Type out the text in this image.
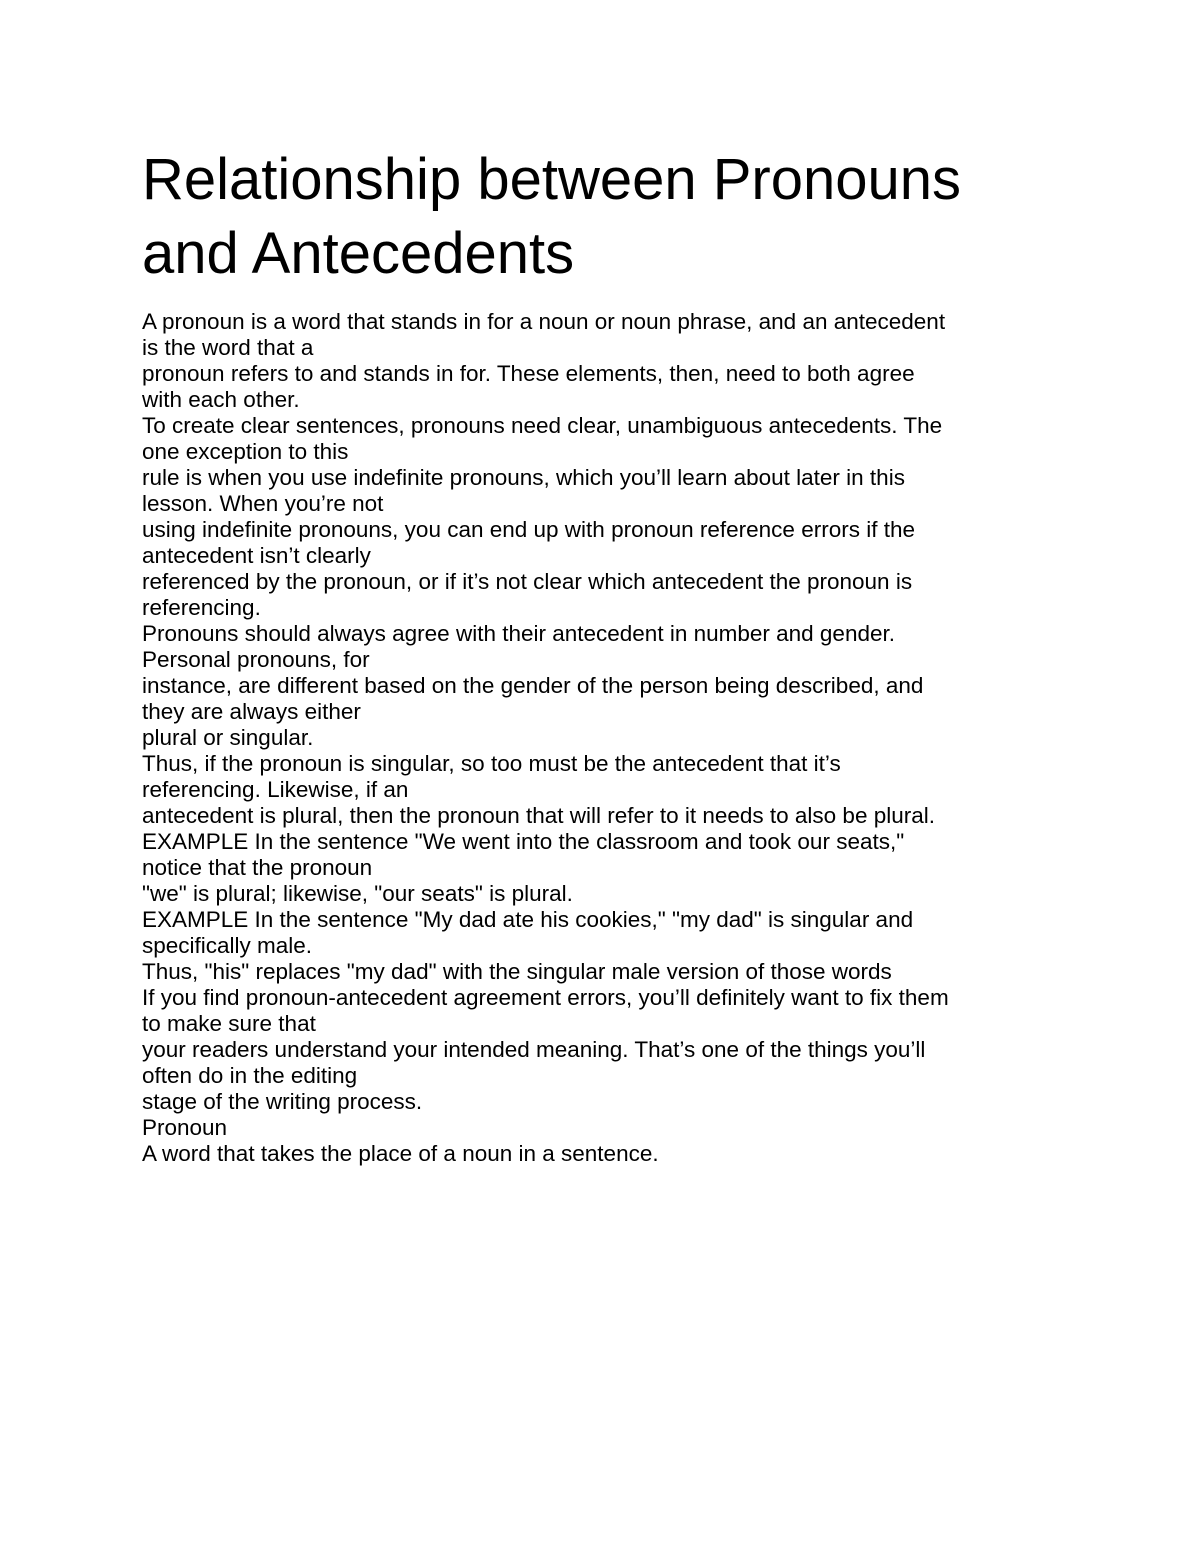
Relationship between Pronouns
and Antecedents
A pronoun is a word that stands in for a noun or noun phrase, and an antecedent
is the word that a
pronoun refers to and stands in for. These elements, then, need to both agree
with each other.
To create clear sentences, pronouns need clear, unambiguous antecedents. The
one exception to this
rule is when you use indefinite pronouns, which you’ll learn about later in this
lesson. When you’re not
using indefinite pronouns, you can end up with pronoun reference errors if the
antecedent isn’t clearly
referenced by the pronoun, or if it’s not clear which antecedent the pronoun is
referencing.
Pronouns should always agree with their antecedent in number and gender.
Personal pronouns, for
instance, are different based on the gender of the person being described, and
they are always either
plural or singular.
Thus, if the pronoun is singular, so too must be the antecedent that it’s
referencing. Likewise, if an
antecedent is plural, then the pronoun that will refer to it needs to also be plural.
EXAMPLE In the sentence "We went into the classroom and took our seats,"
notice that the pronoun
"we" is plural; likewise, "our seats" is plural.
EXAMPLE In the sentence "My dad ate his cookies," "my dad" is singular and
specifically male.
Thus, "his" replaces "my dad" with the singular male version of those words
If you find pronoun-antecedent agreement errors, you’ll definitely want to fix them
to make sure that
your readers understand your intended meaning. That’s one of the things you’ll
often do in the editing
stage of the writing process.
Pronoun
A word that takes the place of a noun in a sentence.
